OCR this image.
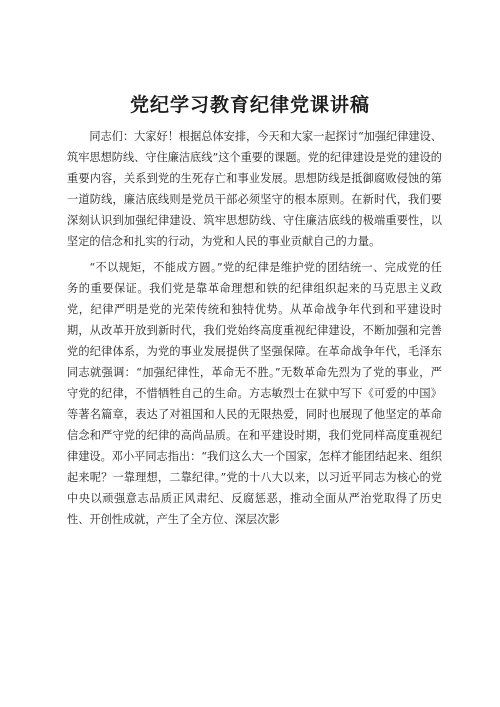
党纪学习教育纪律党课讲稿

同志们：大家好！根据总体安排，今天和大家一起探讨“加强纪律建设、筑牢思想防线、守住廉洁底线”这个重要的课题。党的纪律建设是党的建设的重要内容，关系到党的生死存亡和事业发展。思想防线是抵御腐败侵蚀的第一道防线，廉洁底线则是党员干部必须坚守的根本原则。在新时代，我们要深刻认识到加强纪律建设、筑牢思想防线、守住廉洁底线的极端重要性，以坚定的信念和扎实的行动，为党和人民的事业贡献自己的力量。

“不以规矩，不能成方圆。”党的纪律是维护党的团结统一、完成党的任务的重要保证。我们党是靠革命理想和铁的纪律组织起来的马克思主义政党，纪律严明是党的光荣传统和独特优势。从革命战争年代到和平建设时期，从改革开放到新时代，我们党始终高度重视纪律建设，不断加强和完善党的纪律体系，为党的事业发展提供了坚强保障。在革命战争年代，毛泽东同志就强调：“加强纪律性，革命无不胜。”无数革命先烈为了党的事业，严守党的纪律，不惜牺牲自己的生命。方志敏烈士在狱中写下《可爱的中国》等著名篇章，表达了对祖国和人民的无限热爱，同时也展现了他坚定的革命信念和严守党的纪律的高尚品质。在和平建设时期，我们党同样高度重视纪律建设。邓小平同志指出：“我们这么大一个国家，怎样才能团结起来、组织起来呢？一靠理想，二靠纪律。”党的十八大以来，以习近平同志为核心的党中央以顽强意志品质正风肃纪、反腐惩恶，推动全面从严治党取得了历史性、开创性成就，产生了全方位、深层次影
